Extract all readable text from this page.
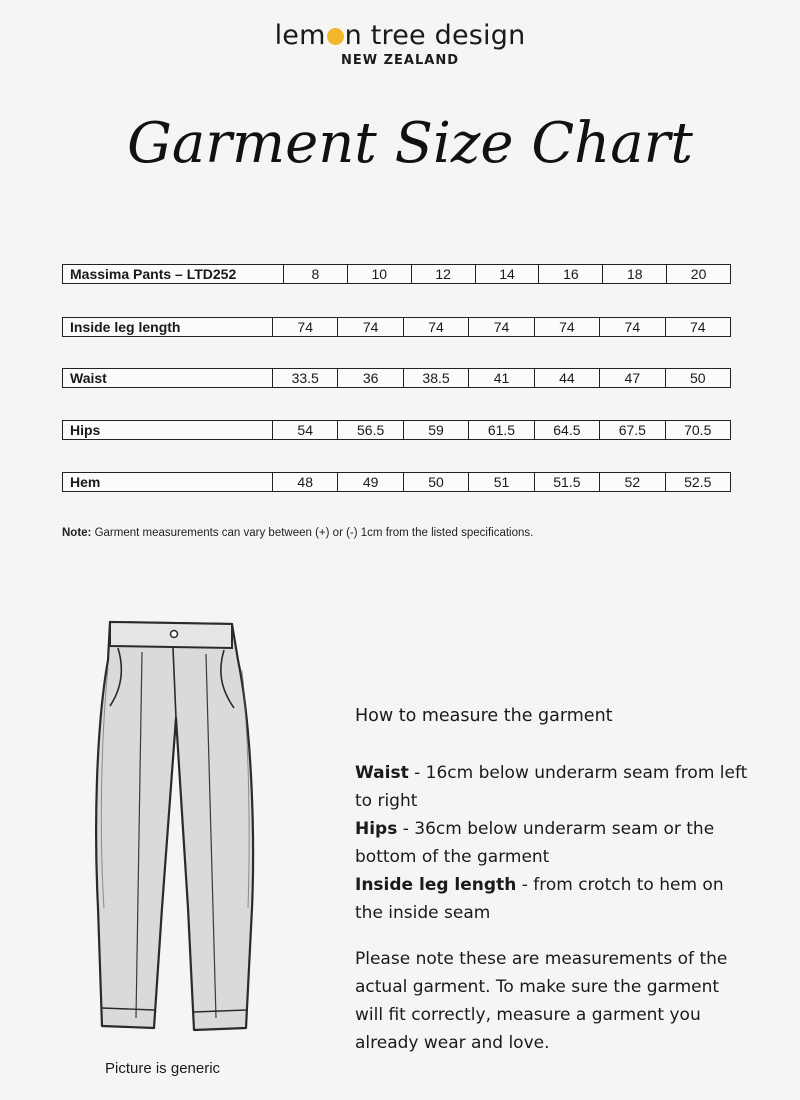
lem n tree design
NEW ZEALAND
Garment Size Chart
Massima Pants – LTD252	8	10	12	14	16	18	20
Inside leg length	74	74	74	74	74	74	74
Waist	33.5	36	38.5	41	44	47	50
Hips	54	56.5	59	61.5	64.5	67.5	70.5
Hem	48	49	50	51	51.5	52	52.5
Note: Garment measurements can vary between (+) or (-) 1cm from the listed specifications.
Picture is generic
How to measure the garment

Waist - 16cm below underarm seam from left to right

Hips - 36cm below underarm seam or the bottom of the garment

Inside leg length - from crotch to hem on the inside seam

Please note these are measurements of the actual garment. To make sure the garment will fit correctly, measure a garment you already wear and love.
